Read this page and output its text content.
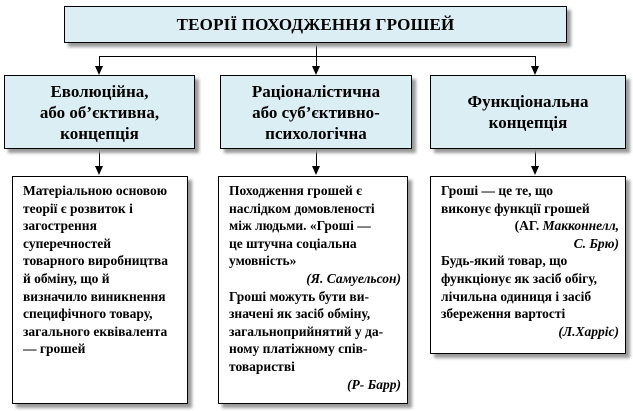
ТЕОРІЇ ПОХОДЖЕННЯ ГРОШЕЙ
Еволюційна,
або об’єктивна,
концепція
Раціоналістична
або суб’єктивно-
психологічна
Функціональна
концепція

Матеріальною основою

теорії є розвиток і

загострення

суперечностей

товарного виробництва

й обміну, що й

визначило виникнення

специфічного товару,

загального еквівалента

— грошей

Походження грошей є

наслідком домовленості

між людьми. «Гроші —

це штучна соціальна

умовність»

(Я. Самуельсон)

Гроші можуть бути ви-

значені як засіб обміну,

загальноприйнятий у да-

ному платіжному спів-

товаристві

(Р- Барр)

Гроші — це те, що

виконує функції грошей

(АГ. Макконнелл,

С. Брю)

Будь-який товар, що

функціонує як засіб обігу,

лічильна одиниця і засіб

збереження вартості

(Л.Харріс)
